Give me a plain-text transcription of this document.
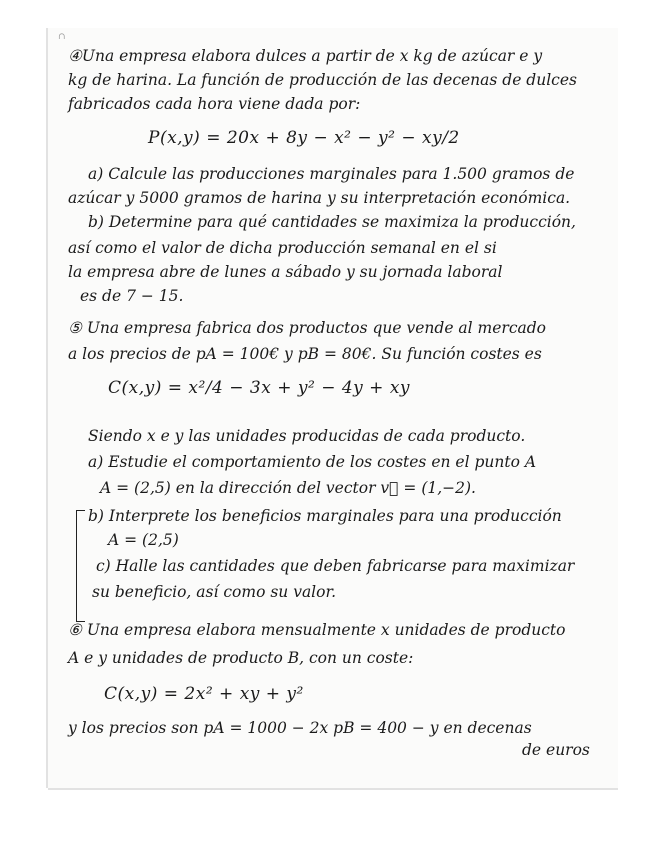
∩
④Una empresa elabora dulces a partir de x kg de azúcar e y
kg de harina. La función de producción de las decenas de dulces
fabricados cada hora viene dada por:
P(x,y) = 20x + 8y − x² − y² − xy/2
a) Calcule las producciones marginales para 1.500 gramos de
azúcar y 5000 gramos de harina y su interpretación económica.
b) Determine para qué cantidades se maximiza la producción,
así como el valor de dicha producción semanal en el si
la empresa abre de lunes a sábado y su jornada laboral
es de 7 − 15.
⑤ Una empresa fabrica dos productos que vende al mercado
a los precios de pA = 100€ y pB = 80€. Su función costes es
C(x,y) = x²/4 − 3x + y² − 4y + xy
Siendo x e y las unidades producidas de cada producto.
a) Estudie el comportamiento de los costes en el punto A
A = (2,5) en la dirección del vector v⃗ = (1,−2).
b) Interprete los beneficios marginales para una producción
A = (2,5)
c) Halle las cantidades que deben fabricarse para maximizar
su beneficio, así como su valor.
⑥ Una empresa elabora mensualmente x unidades de producto
A e y unidades de producto B, con un coste:
C(x,y) = 2x² + xy + y²
y los precios son pA = 1000 − 2x pB = 400 − y en decenas
de euros
